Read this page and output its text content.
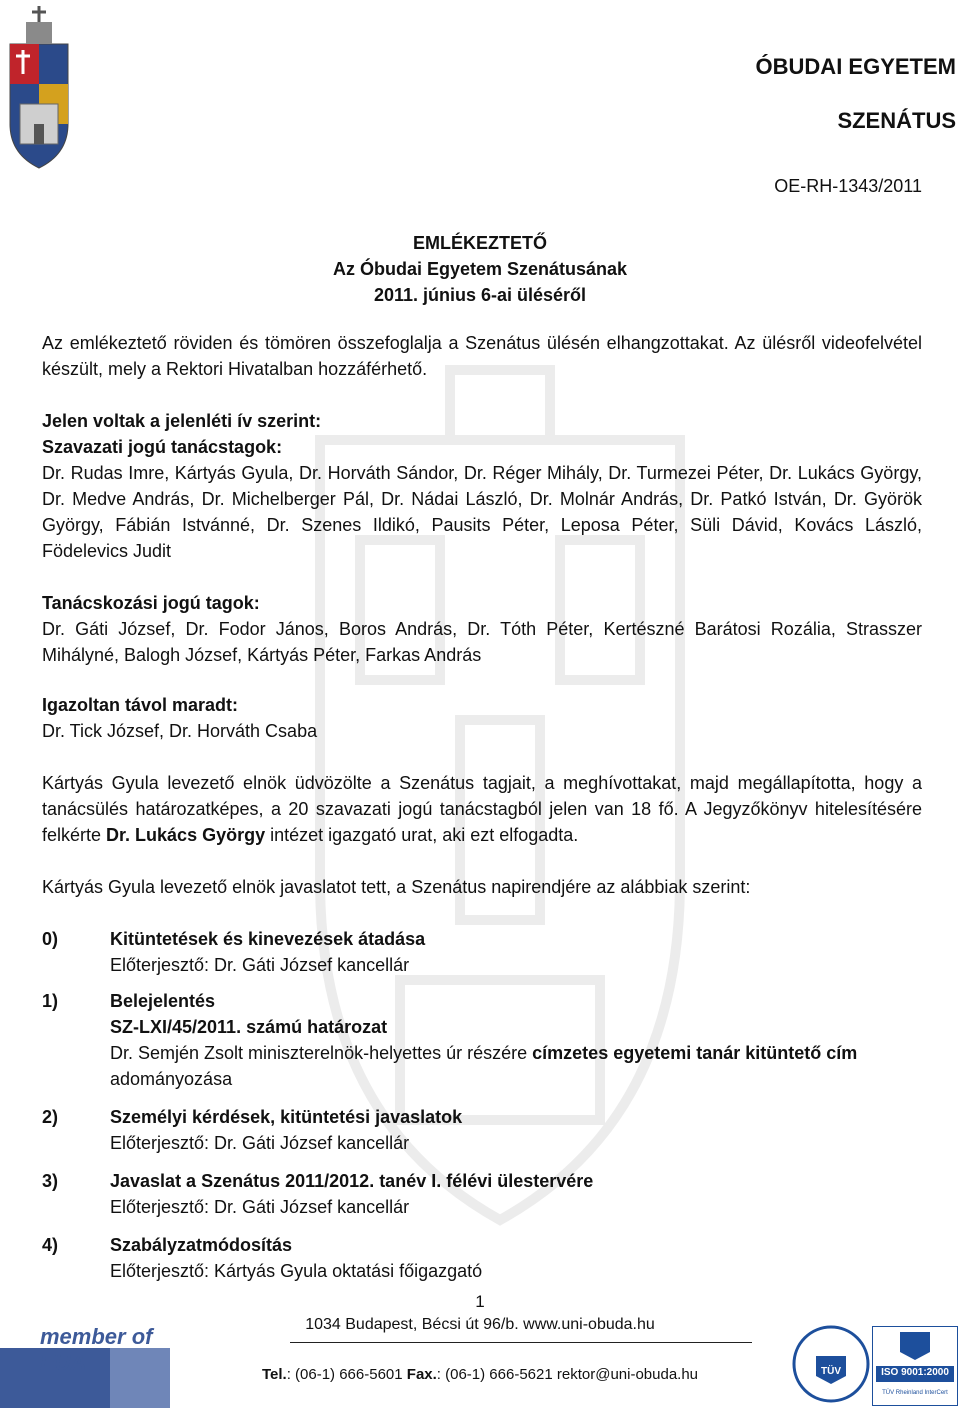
ÓBUDAI EGYETEM
SZENÁTUS
OE-RH-1343/2011
EMLÉKEZTETŐ
Az Óbudai Egyetem Szenátusának
2011. június 6-ai üléséről
Az emlékeztető röviden és tömören összefoglalja a Szenátus ülésén elhangzottakat. Az ülésről videofelvétel készült, mely a Rektori Hivatalban hozzáférhető.
Jelen voltak a jelenléti ív szerint:
Szavazati jogú tanácstagok:
Dr. Rudas Imre, Kártyás Gyula, Dr. Horváth Sándor, Dr. Réger Mihály, Dr. Turmezei Péter, Dr. Lukács György, Dr. Medve András, Dr. Michelberger Pál, Dr. Nádai László, Dr. Molnár András, Dr. Patkó István, Dr. Györök György, Fábián Istvánné, Dr. Szenes Ildikó, Pausits Péter, Leposa Péter, Süli Dávid, Kovács László, Födelevics Judit
Tanácskozási jogú tagok:
Dr. Gáti József, Dr. Fodor János, Boros András, Dr. Tóth Péter, Kertészné Barátosi Rozália, Strasszer Mihályné, Balogh József, Kártyás Péter, Farkas András
Igazoltan távol maradt:
Dr. Tick József, Dr. Horváth Csaba
Kártyás Gyula levezető elnök üdvözölte a Szenátus tagjait, a meghívottakat, majd megállapította, hogy a tanácsülés határozatképes, a 20 szavazati jogú tanácstagból jelen van 18 fő. A Jegyzőkönyv hitelesítésére felkérte Dr. Lukács György intézet igazgató urat, aki ezt elfogadta.
Kártyás Gyula levezető elnök javaslatot tett, a Szenátus napirendjére az alábbiak szerint:
0)	Kitüntetések és kinevezések átadása
Előterjesztő: Dr. Gáti József kancellár
1)	Belejelentés
SZ-LXI/45/2011. számú határozat
Dr. Semjén Zsolt miniszterelnök-helyettes úr részére címzetes egyetemi tanár kitüntető cím adományozása
2)	Személyi kérdések, kitüntetési javaslatok
Előterjesztő: Dr. Gáti József kancellár
3)	Javaslat a Szenátus 2011/2012. tanév I. félévi ülestervére
Előterjesztő: Dr. Gáti József kancellár
4)	Szabályzatmódosítás
Előterjesztő: Kártyás Gyula oktatási főigazgató
1
1034 Budapest, Bécsi út 96/b. www.uni-obuda.hu
Tel.: (06-1) 666-5601 Fax.: (06-1) 666-5621 rektor@uni-obuda.hu
member of EUA	TÜV	ISO 9001:2000
TÜV Rheinland InterCert
